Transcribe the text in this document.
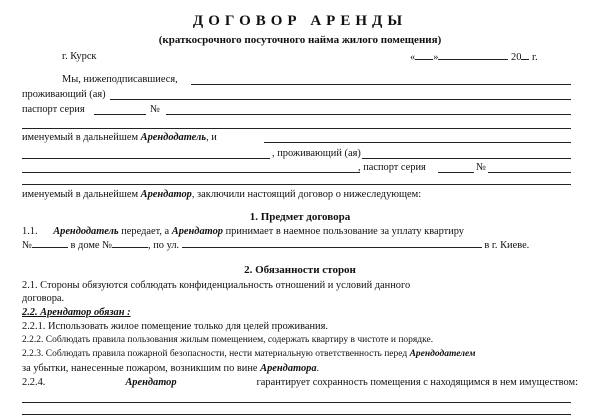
ДОГОВОР АРЕНДЫ
(краткосрочного посуточного найма жилого помещения)
г. Курск	« »	20 г.
Мы, нижеподписавшиеся,
проживающий (ая)
паспорт серия	№
именуемый в дальнейшем Арендодатель, и
, проживающий (ая)
, паспорт серия	№
именуемый в дальнейшем Арендатор, заключили настоящий договор о нижеследующем:
1. Предмет договора
1.1. Арендодатель передает, а Арендатор принимает в наемное пользование за уплату квартиру
№	в доме №	, по ул.	в г. Киеве.
2. Обязанности сторон
2.1. Стороны обязуются соблюдать конфиденциальность отношений и условий данного
договора.
2.2. Арендатор обязан :
2.2.1. Использовать жилое помещение только для целей проживания.
2.2.2. Соблюдать правила пользования жилым помещением, содержать квартиру в чистоте и порядке.
2.2.3. Соблюдать правила пожарной безопасности, нести материальную ответственность перед Арендодателем
за убытки, нанесенные пожаром, возникшим по вине Арендатора.
2.2.4.	Арендатор	гарантирует сохранность помещения с находящимся в нем имуществом:
